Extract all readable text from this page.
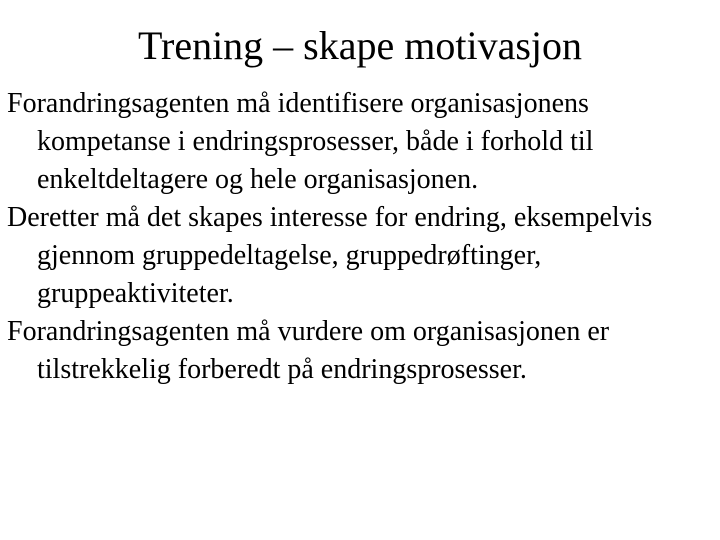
Trening – skape motivasjon
Forandringsagenten må identifisere organisasjonens kompetanse i endringsprosesser, både i forhold til enkeltdeltagere og hele organisasjonen.
Deretter må det skapes interesse for endring, eksempelvis gjennom gruppedeltagelse, gruppedrøftinger, gruppeaktiviteter.
Forandringsagenten må vurdere om organisasjonen er tilstrekkelig forberedt på endringsprosesser.
